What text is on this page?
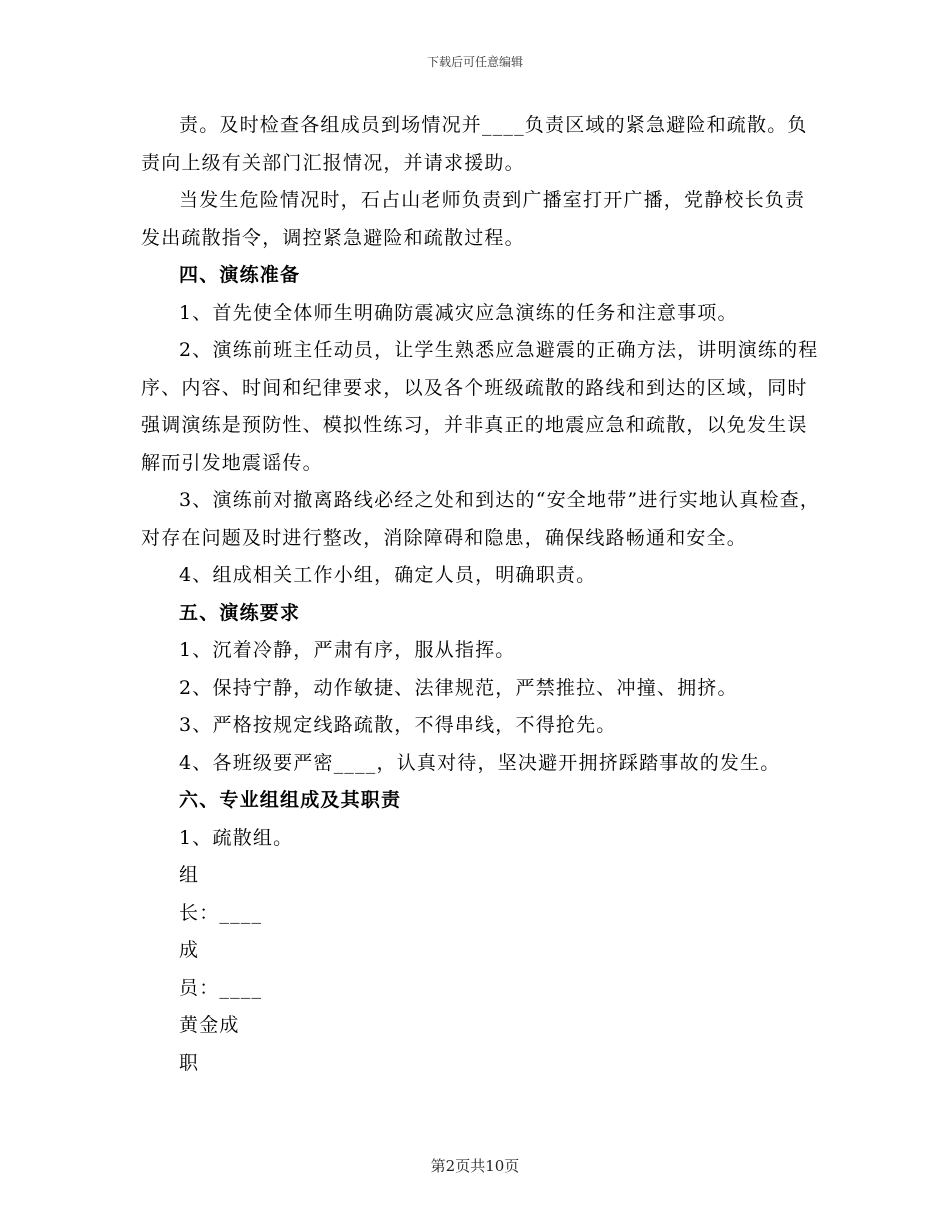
下载后可任意编辑

责。及时检查各组成员到场情况并____负责区域的紧急避险和疏散。负责向上级有关部门汇报情况，并请求援助。

当发生危险情况时，石占山老师负责到广播室打开广播，党静校长负责发出疏散指令，调控紧急避险和疏散过程。

四、演练准备

1、首先使全体师生明确防震减灾应急演练的任务和注意事项。

2、演练前班主任动员，让学生熟悉应急避震的正确方法，讲明演练的程序、内容、时间和纪律要求，以及各个班级疏散的路线和到达的区域，同时强调演练是预防性、模拟性练习，并非真正的地震应急和疏散，以免发生误解而引发地震谣传。

3、演练前对撤离路线必经之处和到达的“安全地带”进行实地认真检查，对存在问题及时进行整改，消除障碍和隐患，确保线路畅通和安全。

4、组成相关工作小组，确定人员，明确职责。

五、演练要求

1、沉着冷静，严肃有序，服从指挥。

2、保持宁静，动作敏捷、法律规范，严禁推拉、冲撞、拥挤。

3、严格按规定线路疏散，不得串线，不得抢先。

4、各班级要严密____，认真对待，坚决避开拥挤踩踏事故的发生。

六、专业组组成及其职责

1、疏散组。

组

长：____

成

员：____

黄金成

职

第2页共10页
